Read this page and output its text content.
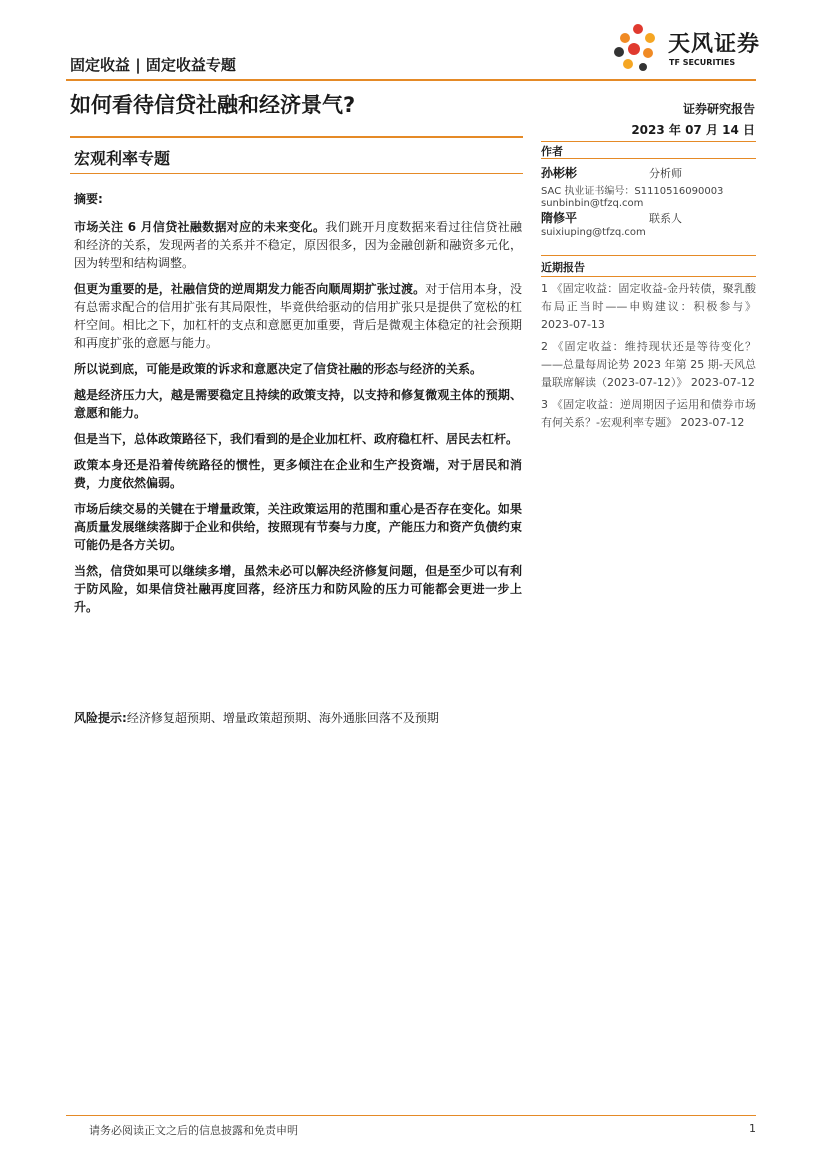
固定收益 | 固定收益专题
天风证券
TF SECURITIES
如何看待信贷社融和经济景气?	证券研究报告
2023 年 07 月 14 日
宏观利率专题

摘要:

市场关注 6 月信贷社融数据对应的未来变化。我们跳开月度数据来看过往信贷社融和经济的关系，发现两者的关系并不稳定，原因很多，因为金融创新和融资多元化，因为转型和结构调整。

但更为重要的是，社融信贷的逆周期发力能否向顺周期扩张过渡。对于信用本身，没有总需求配合的信用扩张有其局限性，毕竟供给驱动的信用扩张只是提供了宽松的杠杆空间。相比之下，加杠杆的支点和意愿更加重要，背后是微观主体稳定的社会预期和再度扩张的意愿与能力。

所以说到底，可能是政策的诉求和意愿决定了信贷社融的形态与经济的关系。

越是经济压力大，越是需要稳定且持续的政策支持，以支持和修复微观主体的预期、意愿和能力。

但是当下，总体政策路径下，我们看到的是企业加杠杆、政府稳杠杆、居民去杠杆。

政策本身还是沿着传统路径的惯性，更多倾注在企业和生产投资端，对于居民和消费，力度依然偏弱。

市场后续交易的关键在于增量政策，关注政策运用的范围和重心是否存在变化。如果高质量发展继续落脚于企业和供给，按照现有节奏与力度，产能压力和资产负债约束可能仍是各方关切。

当然，信贷如果可以继续多增，虽然未必可以解决经济修复问题，但是至少可以有利于防风险，如果信贷社融再度回落，经济压力和防风险的压力可能都会更进一步上升。

风险提示:经济修复超预期、增量政策超预期、海外通胀回落不及预期
作者
孙彬彬	分析师
SAC 执业证书编号：S1110516090003
sunbinbin@tfzq.com
隋修平	联系人
suixiuping@tfzq.com
近期报告
1 《固定收益：固定收益-金丹转债，聚乳酸布局正当时——申购建议：积极参与》 2023-07-13
2 《固定收益：维持现状还是等待变化？——总量每周论势 2023 年第 25 期-天风总量联席解读（2023-07-12）》 2023-07-12
3 《固定收益：逆周期因子运用和债券市场有何关系？-宏观利率专题》 2023-07-12
请务必阅读正文之后的信息披露和免责申明	1
